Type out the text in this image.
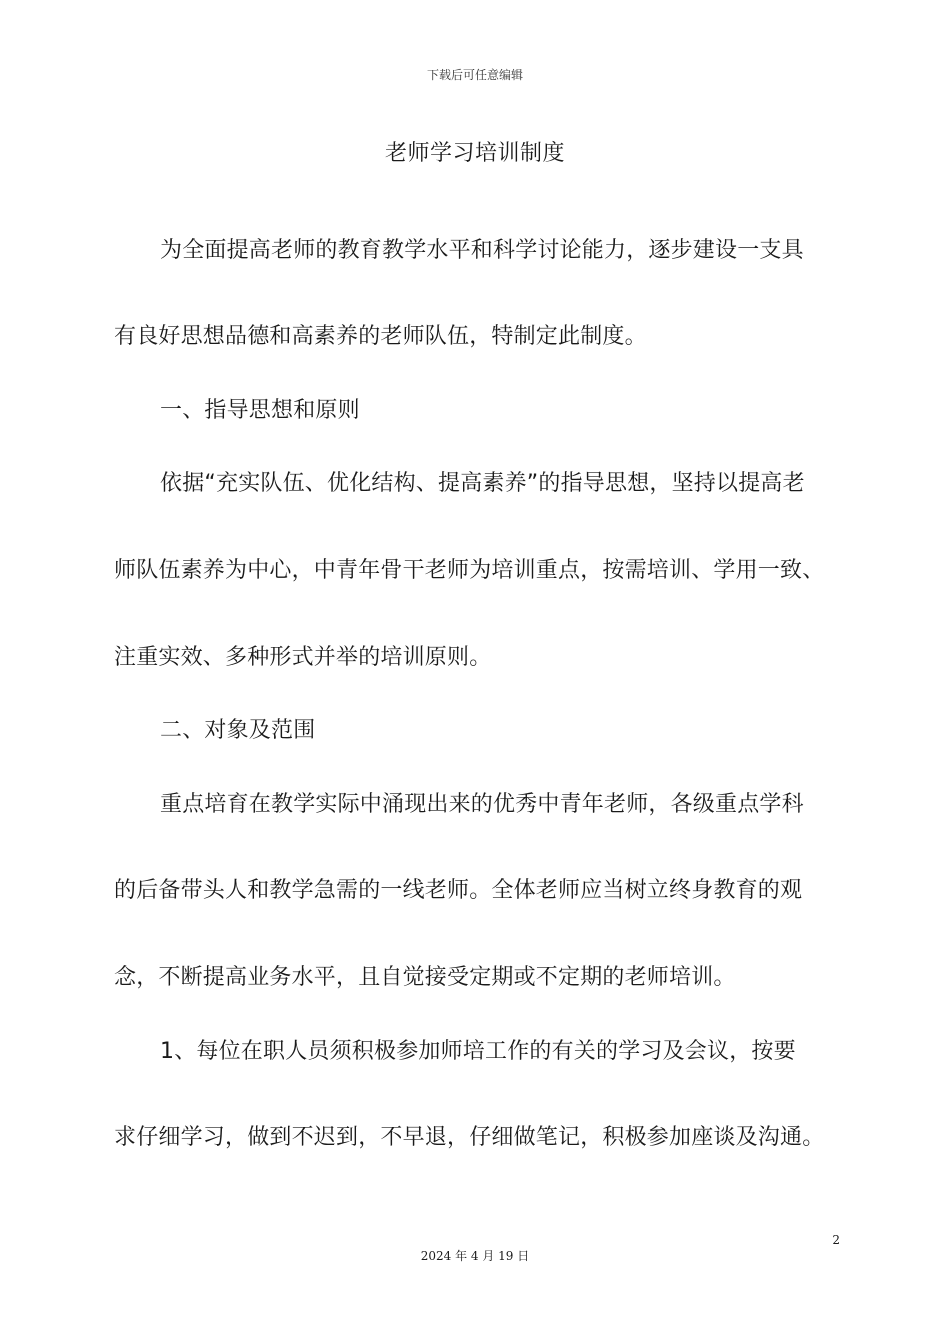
下载后可任意编辑
老师学习培训制度
为全面提高老师的教育教学水平和科学讨论能力，逐步建设一支具
有良好思想品德和高素养的老师队伍，特制定此制度。
一、指导思想和原则
依据“充实队伍、优化结构、提高素养”的指导思想，坚持以提高老
师队伍素养为中心，中青年骨干老师为培训重点，按需培训、学用一致、
注重实效、多种形式并举的培训原则。
二、对象及范围
重点培育在教学实际中涌现出来的优秀中青年老师，各级重点学科
的后备带头人和教学急需的一线老师。全体老师应当树立终身教育的观
念，不断提高业务水平，且自觉接受定期或不定期的老师培训。
1、每位在职人员须积极参加师培工作的有关的学习及会议，按要
求仔细学习，做到不迟到，不早退，仔细做笔记，积极参加座谈及沟通。
2
2024 年 4 月 19 日
